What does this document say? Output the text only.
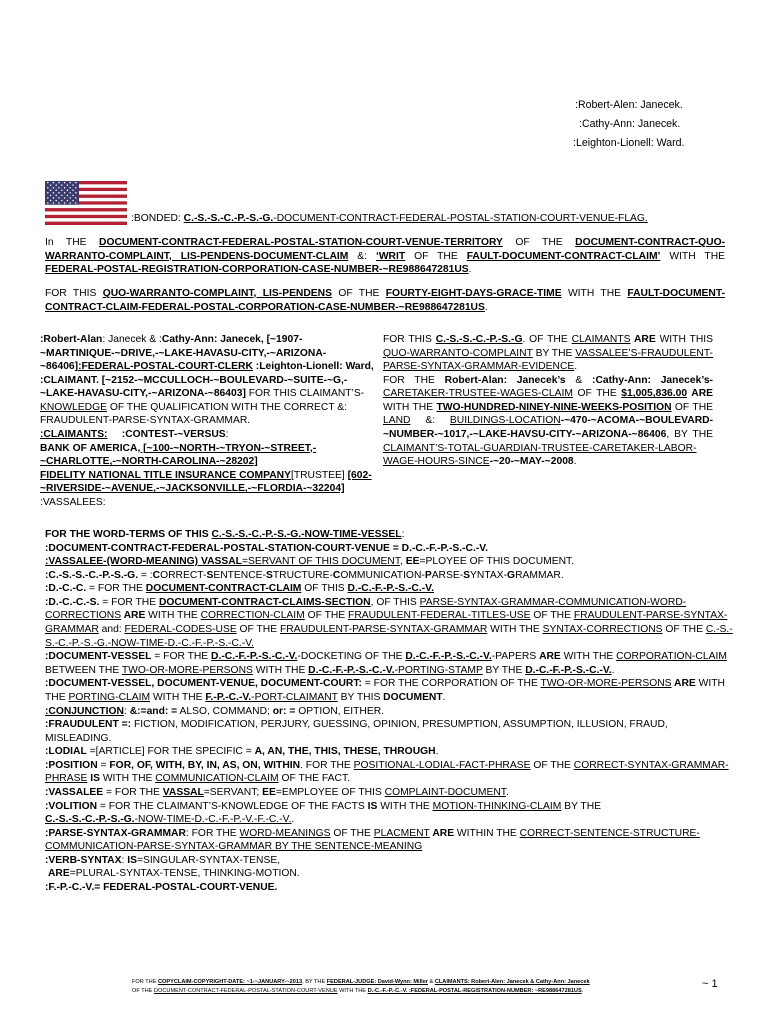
:Robert-Alen: Janecek.
:Cathy-Ann: Janecek.
:Leighton-Lionell: Ward.
:BONDED: C.-S.-S.-C.-P.-S.-G.-DOCUMENT-CONTRACT-FEDERAL-POSTAL-STATION-COURT-VENUE-FLAG.
In THE DOCUMENT-CONTRACT-FEDERAL-POSTAL-STATION-COURT-VENUE-TERRITORY OF THE DOCUMENT-CONTRACT-QUO-WARRANTO-COMPLAINT, LIS-PENDENS-DOCUMENT-CLAIM &: ‘WRIT OF THE FAULT-DOCUMENT-CONTRACT-CLAIM’ WITH THE FEDERAL-POSTAL-REGISTRATION-CORPORATION-CASE-NUMBER-~RE988647281US.
FOR THIS QUO-WARRANTO-COMPLAINT, LIS-PENDENS OF THE FOURTY-EIGHT-DAYS-GRACE-TIME WITH THE FAULT-DOCUMENT-CONTRACT-CLAIM-FEDERAL-POSTAL-CORPORATION-CASE-NUMBER-~RE988647281US.
:Robert-Alan: Janecek & :Cathy-Ann: Janecek, [~1907-~MARTINIQUE-~DRIVE,-~LAKE-HAVASU-CITY,-~ARIZONA-~86406]:FEDERAL-POSTAL-COURT-CLERK :Leighton-Lionell: Ward,
:CLAIMANT. [~2152-~MCCULLOCH-~BOULEVARD-~SUITE-~G,-~LAKE-HAVASU-CITY,-~ARIZONA-~86403] FOR THIS CLAIMANT’S-KNOWLEDGE OF THE QUALIFICATION WITH THE CORRECT &: FRAUDULENT-PARSE-SYNTAX-GRAMMAR.
:CLAIMANTS:     :CONTEST-~VERSUS:
BANK OF AMERICA, [~100-~NORTH-~TRYON-~STREET,-~CHARLOTTE,-~NORTH-CAROLINA-~28202]
FIDELITY NATIONAL TITLE INSURANCE COMPANY[TRUSTEE] [602-~RIVERSIDE-~AVENUE,-~JACKSONVILLE,-~FLORDIA-~32204]
:VASSALEES:
FOR THIS C.-S.-S.-C.-P.-S.-G. OF THE CLAIMANTS ARE WITH THIS QUO-WARRANTO-COMPLAINT BY THE VASSALEE’S-FRAUDULENT-PARSE-SYNTAX-GRAMMAR-EVIDENCE.
FOR THE Robert-Alan: Janecek’s & :Cathy-Ann: Janecek’s-CARETAKER-TRUSTEE-WAGES-CLAIM OF THE $1,005,836.00 ARE WITH THE TWO-HUNDRED-NINEY-NINE-WEEKS-POSITION OF THE LAND &: BUILDINGS-LOCATION-~470-~ACOMA-~BOULEVARD-~NUMBER-~1017,-~LAKE-HAVSU-CITY-~ARIZONA-~86406, BY THE CLAIMANT’S-TOTAL-GUARDIAN-TRUSTEE-CARETAKER-LABOR-WAGE-HOURS-SINCE-~20-~MAY-~2008.
FOR THE WORD-TERMS OF THIS C.-S.-S.-C.-P.-S.-G.-NOW-TIME-VESSEL:
:DOCUMENT-CONTRACT-FEDERAL-POSTAL-STATION-COURT-VENUE = D.-C.-F.-P.-S.-C.-V.
:VASSALEE-(WORD-MEANING) VASSAL=SERVANT OF THIS DOCUMENT, EE=PLOYEE OF THIS DOCUMENT.
:C.-S.-S.-C.-P.-S.-G. = :CORRECT-SENTENCE-STRUCTURE-COMMUNICATION-PARSE-SYNTAX-GRAMMAR.
:D.-C.-C. = FOR THE DOCUMENT-CONTRACT-CLAIM OF THIS D.-C.-F.-P.-S.-C.-V.
:D.-C.-C.-S. = FOR THE DOCUMENT-CONTRACT-CLAIMS-SECTION, OF THIS PARSE-SYNTAX-GRAMMAR-COMMUNICATION-WORD-CORRECTIONS ARE WITH THE CORRECTION-CLAIM OF THE FRAUDULENT-FEDERAL-TITLES-USE OF THE FRAUDULENT-PARSE-SYNTAX-GRAMMAR and: FEDERAL-CODES-USE OF THE FRAUDULENT-PARSE-SYNTAX-GRAMMAR WITH THE SYNTAX-CORRECTIONS OF THE C.-S.-S.-C.-P.-S.-G.-NOW-TIME-D.-C.-F.-P.-S.-C.-V.
:DOCUMENT-VESSEL = FOR THE D.-C.-F.-P.-S.-C.-V.-DOCKETING OF THE D.-C.-F.-P.-S.-C.-V.-PAPERS ARE WITH THE CORPORATION-CLAIM BETWEEN THE TWO-OR-MORE-PERSONS WITH THE D.-C.-F.-P.-S.-C.-V.-PORTING-STAMP BY THE D.-C.-F.-P.-S.-C.-V..
:DOCUMENT-VESSEL, DOCUMENT-VENUE, DOCUMENT-COURT: = FOR THE CORPORATION OF THE TWO-OR-MORE-PERSONS ARE WITH THE PORTING-CLAIM WITH THE F.-P.-C.-V.-PORT-CLAIMANT BY THIS DOCUMENT.
:CONJUNCTION: &:=and: = ALSO, COMMAND; or: = OPTION, EITHER.
:FRAUDULENT =: FICTION, MODIFICATION, PERJURY, GUESSING, OPINION, PRESUMPTION, ASSUMPTION, ILLUSION, FRAUD, MISLEADING.
:LODIAL =[ARTICLE] FOR THE SPECIFIC = A, AN, THE, THIS, THESE, THROUGH.
:POSITION = FOR, OF, WITH, BY, IN, AS, ON, WITHIN. FOR THE POSITIONAL-LODIAL-FACT-PHRASE OF THE CORRECT-SYNTAX-GRAMMAR-PHRASE IS WITH THE COMMUNICATION-CLAIM OF THE FACT.
:VASSALEE = FOR THE VASSAL=SERVANT; EE=EMPLOYEE OF THIS COMPLAINT-DOCUMENT.
:VOLITION = FOR THE CLAIMANT’S-KNOWLEDGE OF THE FACTS IS WITH THE MOTION-THINKING-CLAIM BY THE
C.-S.-S.-C.-P.-S.-G.-NOW-TIME-D.-C.-F.-P.-V.-F.-C.-V..
:PARSE-SYNTAX-GRAMMAR: FOR THE WORD-MEANINGS OF THE PLACMENT ARE WITHIN THE CORRECT-SENTENCE-STRUCTURE-COMMUNICATION-PARSE-SYNTAX-GRAMMAR BY THE SENTENCE-MEANING
:VERB-SYNTAX: IS=SINGULAR-SYNTAX-TENSE,
ARE=PLURAL-SYNTAX-TENSE, THINKING-MOTION.
:F.-P.-C.-V.= FEDERAL-POSTAL-COURT-VENUE.
FOR THE COPYCLAIM-COPYRIGHT-DATE: ~1-~JANUARY-~2013, BY THE FEDERAL-JUDGE: David-Wynn: Miller & CLAIMANTS: Robert-Alen: Janecek & Cathy-Ann: Janecek
OF THE DOCUMENT-CONTRACT-FEDERAL-POSTAL-STATION-COURT-VENUE WITH THE D.-C.-F.-P.-C.-V. :FEDERAL-POSTAL-REGISTRATION-NUMBER: ~RE988647281US.
~ 1
